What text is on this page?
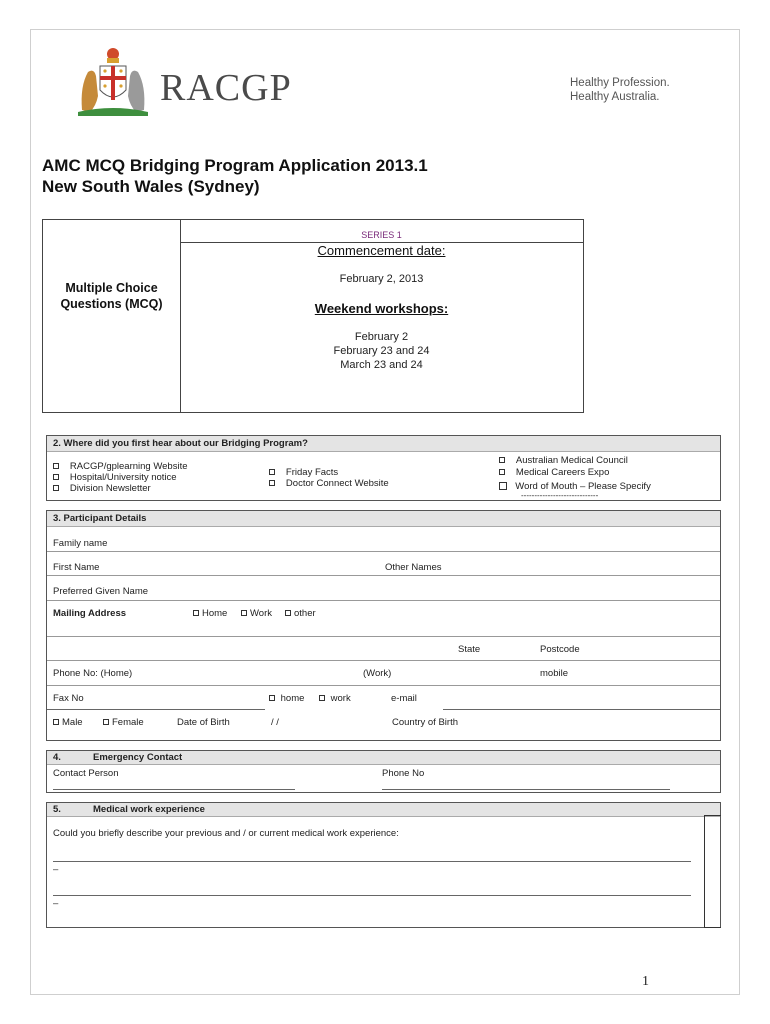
RACGP	Healthy Profession.
Healthy Australia.
AMC MCQ Bridging Program Application 2013.1
New South Wales (Sydney)
Multiple Choice
Questions (MCQ)
SERIES 1
Commencement date:
February 2, 2013
Weekend workshops:
February 2
February 23 and 24
March 23 and 24
2. Where did you first hear about our Bridging Program?
RACGP/gplearning Website
Hospital/University notice
Division Newsletter
Friday Facts
Doctor Connect Website
Australian Medical Council
Medical Careers Expo
Word of Mouth – Please Specify
-----------------------------
3. Participant Details
Family name
First Name	Other Names
Preferred Given Name
Mailing Address	Home	Work	other
State	Postcode
Phone No: (Home)	(Work)	mobile
Fax No	home	work	e-mail
Male	Female	Date of Birth	/ /	Country of Birth
4.	Emergency Contact
Contact Person	Phone No
5.	Medical work experience
Could you briefly describe your previous and / or current medical work experience:
–
–
1
